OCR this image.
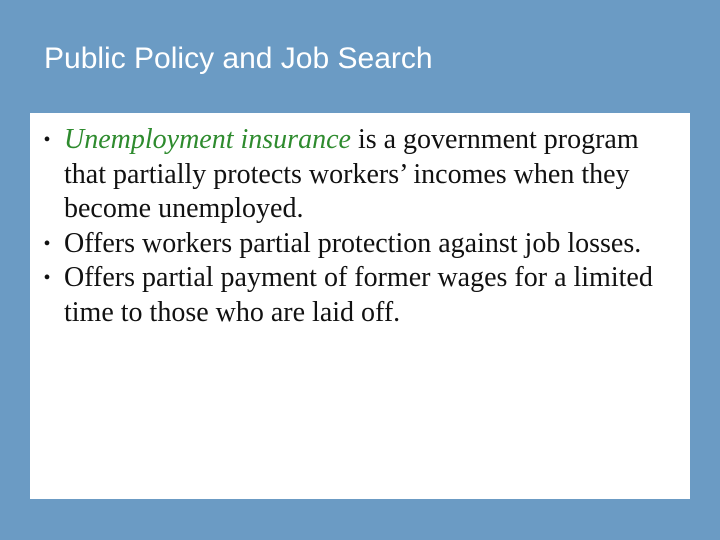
Public Policy and Job Search
• Unemployment insurance is a government program that partially protects workers’ incomes when they become unemployed.
• Offers workers partial protection against job losses.
• Offers partial payment of former wages for a limited time to those who are laid off.
